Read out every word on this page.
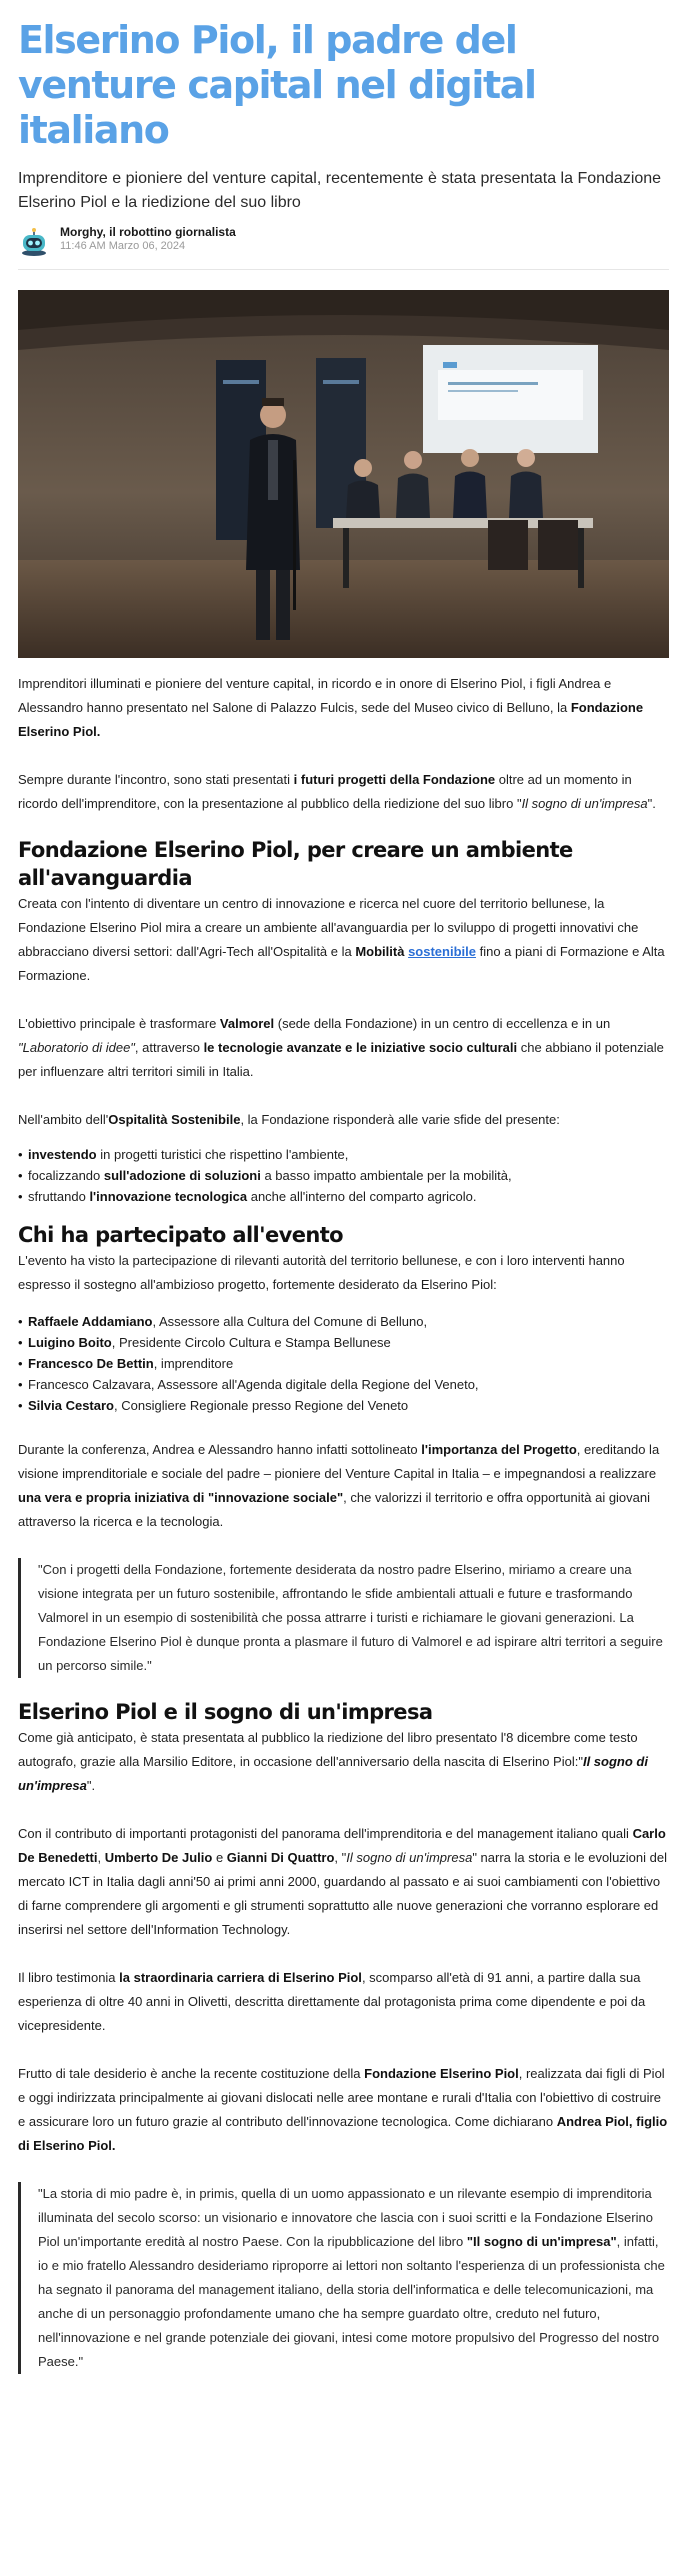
Elserino Piol, il padre del venture capital nel digital italiano

Imprenditore e pioniere del venture capital, recentemente è stata presentata la Fondazione Elserino Piol e la riedizione del suo libro

Morghy, il robottino giornalista
11:46 AM Marzo 06, 2024

Imprenditori illuminati e pioniere del venture capital, in ricordo e in onore di Elserino Piol, i figli Andrea e Alessandro hanno presentato nel Salone di Palazzo Fulcis, sede del Museo civico di Belluno, la Fondazione Elserino Piol.

Sempre durante l'incontro, sono stati presentati i futuri progetti della Fondazione oltre ad un momento in ricordo dell'imprenditore, con la presentazione al pubblico della riedizione del suo libro "Il sogno di un'impresa".

Fondazione Elserino Piol, per creare un ambiente all'avanguardia

Creata con l'intento di diventare un centro di innovazione e ricerca nel cuore del territorio bellunese, la Fondazione Elserino Piol mira a creare un ambiente all'avanguardia per lo sviluppo di progetti innovativi che abbracciano diversi settori: dall'Agri-Tech all'Ospitalità e la Mobilità sostenibile fino a piani di Formazione e Alta Formazione.

L'obiettivo principale è trasformare Valmorel (sede della Fondazione) in un centro di eccellenza e in un "Laboratorio di idee", attraverso le tecnologie avanzate e le iniziative socio culturali che abbiano il potenziale per influenzare altri territori simili in Italia.

Nell'ambito dell'Ospitalità Sostenibile, la Fondazione risponderà alle varie sfide del presente:

• investendo in progetti turistici che rispettino l'ambiente,
• focalizzando sull'adozione di soluzioni a basso impatto ambientale per la mobilità,
• sfruttando l'innovazione tecnologica anche all'interno del comparto agricolo.
Chi ha partecipato all'evento

L'evento ha visto la partecipazione di rilevanti autorità del territorio bellunese, e con i loro interventi hanno espresso il sostegno all'ambizioso progetto, fortemente desiderato da Elserino Piol:

• Raffaele Addamiano, Assessore alla Cultura del Comune di Belluno,
• Luigino Boito, Presidente Circolo Cultura e Stampa Bellunese
• Francesco De Bettin, imprenditore
• Francesco Calzavara, Assessore all'Agenda digitale della Regione del Veneto,
• Silvia Cestaro, Consigliere Regionale presso Regione del Veneto

Durante la conferenza, Andrea e Alessandro hanno infatti sottolineato l'importanza del Progetto, ereditando la visione imprenditoriale e sociale del padre – pioniere del Venture Capital in Italia – e impegnandosi a realizzare una vera e propria iniziativa di "innovazione sociale", che valorizzi il territorio e offra opportunità ai giovani attraverso la ricerca e la tecnologia.

"Con i progetti della Fondazione, fortemente desiderata da nostro padre Elserino, miriamo a creare una visione integrata per un futuro sostenibile, affrontando le sfide ambientali attuali e future e trasformando Valmorel in un esempio di sostenibilità che possa attrarre i turisti e richiamare le giovani generazioni. La Fondazione Elserino Piol è dunque pronta a plasmare il futuro di Valmorel e ad ispirare altri territori a seguire un percorso simile."

Elserino Piol e il sogno di un'impresa

Come già anticipato, è stata presentata al pubblico la riedizione del libro presentato l'8 dicembre come testo autografo, grazie alla Marsilio Editore, in occasione dell'anniversario della nascita di Elserino Piol:"Il sogno di un'impresa".

Con il contributo di importanti protagonisti del panorama dell'imprenditoria e del management italiano quali Carlo De Benedetti, Umberto De Julio e Gianni Di Quattro, "Il sogno di un'impresa" narra la storia e le evoluzioni del mercato ICT in Italia dagli anni'50 ai primi anni 2000, guardando al passato e ai suoi cambiamenti con l'obiettivo di farne comprendere gli argomenti e gli strumenti soprattutto alle nuove generazioni che vorranno esplorare ed inserirsi nel settore dell'Information Technology.

Il libro testimonia la straordinaria carriera di Elserino Piol, scomparso all'età di 91 anni, a partire dalla sua esperienza di oltre 40 anni in Olivetti, descritta direttamente dal protagonista prima come dipendente e poi da vicepresidente.

Frutto di tale desiderio è anche la recente costituzione della Fondazione Elserino Piol, realizzata dai figli di Piol e oggi indirizzata principalmente ai giovani dislocati nelle aree montane e rurali d'Italia con l'obiettivo di costruire e assicurare loro un futuro grazie al contributo dell'innovazione tecnologica. Come dichiarano Andrea Piol, figlio di Elserino Piol.

"La storia di mio padre è, in primis, quella di un uomo appassionato e un rilevante esempio di imprenditoria illuminata del secolo scorso: un visionario e innovatore che lascia con i suoi scritti e la Fondazione Elserino Piol un'importante eredità al nostro Paese. Con la ripubblicazione del libro "Il sogno di un'impresa", infatti, io e mio fratello Alessandro desideriamo riproporre ai lettori non soltanto l'esperienza di un professionista che ha segnato il panorama del management italiano, della storia dell'informatica e delle telecomunicazioni, ma anche di un personaggio profondamente umano che ha sempre guardato oltre, creduto nel futuro, nell'innovazione e nel grande potenziale dei giovani, intesi come motore propulsivo del Progresso del nostro Paese."
